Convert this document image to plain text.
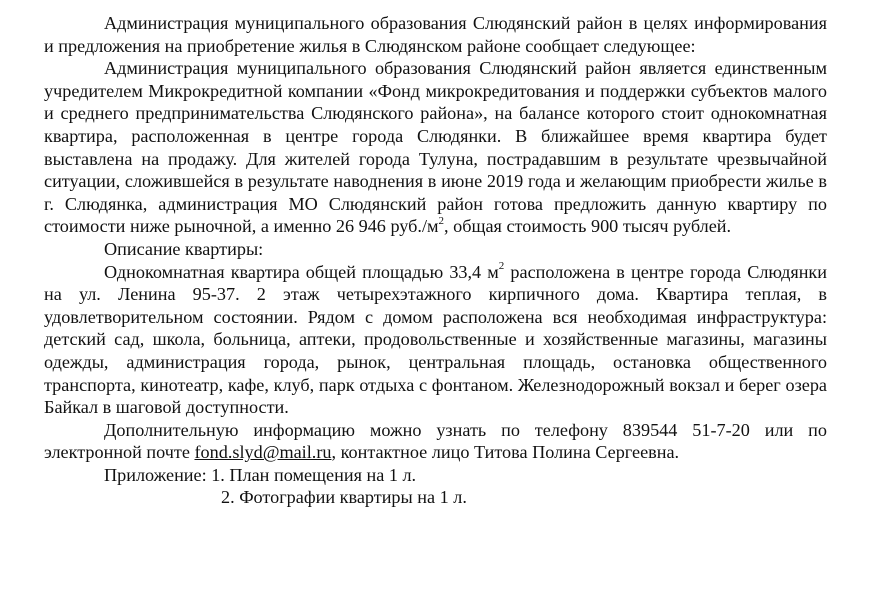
Администрация муниципального образования Слюдянский район в целях информирования и предложения на приобретение жилья в Слюдянском районе сообщает следующее:

Администрация муниципального образования Слюдянский район является единственным учредителем Микрокредитной компании «Фонд микрокредитования и поддержки субъектов малого и среднего предпринимательства Слюдянского района», на балансе которого стоит однокомнатная квартира, расположенная в центре города Слюдянки. В ближайшее время квартира будет выставлена на продажу. Для жителей города Тулуна, пострадавшим в результате чрезвычайной ситуации, сложившейся в результате наводнения в июне 2019 года и желающим приобрести жилье в г. Слюдянка, администрация МО Слюдянский район готова предложить данную квартиру по стоимости ниже рыночной, а именно 26 946 $руб./м^2$, общая стоимость 900 тысяч рублей.

Описание квартиры:

Однокомнатная квартира общей площадью 33,4 $м^2$ расположена в центре города Слюдянки на ул. Ленина 95-37. 2 этаж четырехэтажного кирпичного дома. Квартира теплая, в удовлетворительном состоянии. Рядом с домом расположена вся необходимая инфраструктура: детский сад, школа, больница, аптеки, продовольственные и хозяйственные магазины, магазины одежды, администрация города, рынок, центральная площадь, остановка общественного транспорта, кинотеатр, кафе, клуб, парк отдыха с фонтаном. Железнодорожный вокзал и берег озера Байкал в шаговой доступности.

Дополнительную информацию можно узнать по телефону 839544 51-7-20 или по электронной почте fond.slyd@mail.ru, контактное лицо Титова Полина Сергеевна.

Приложение: 1. План помещения на 1 л.

2. Фотографии квартиры на 1 л.
